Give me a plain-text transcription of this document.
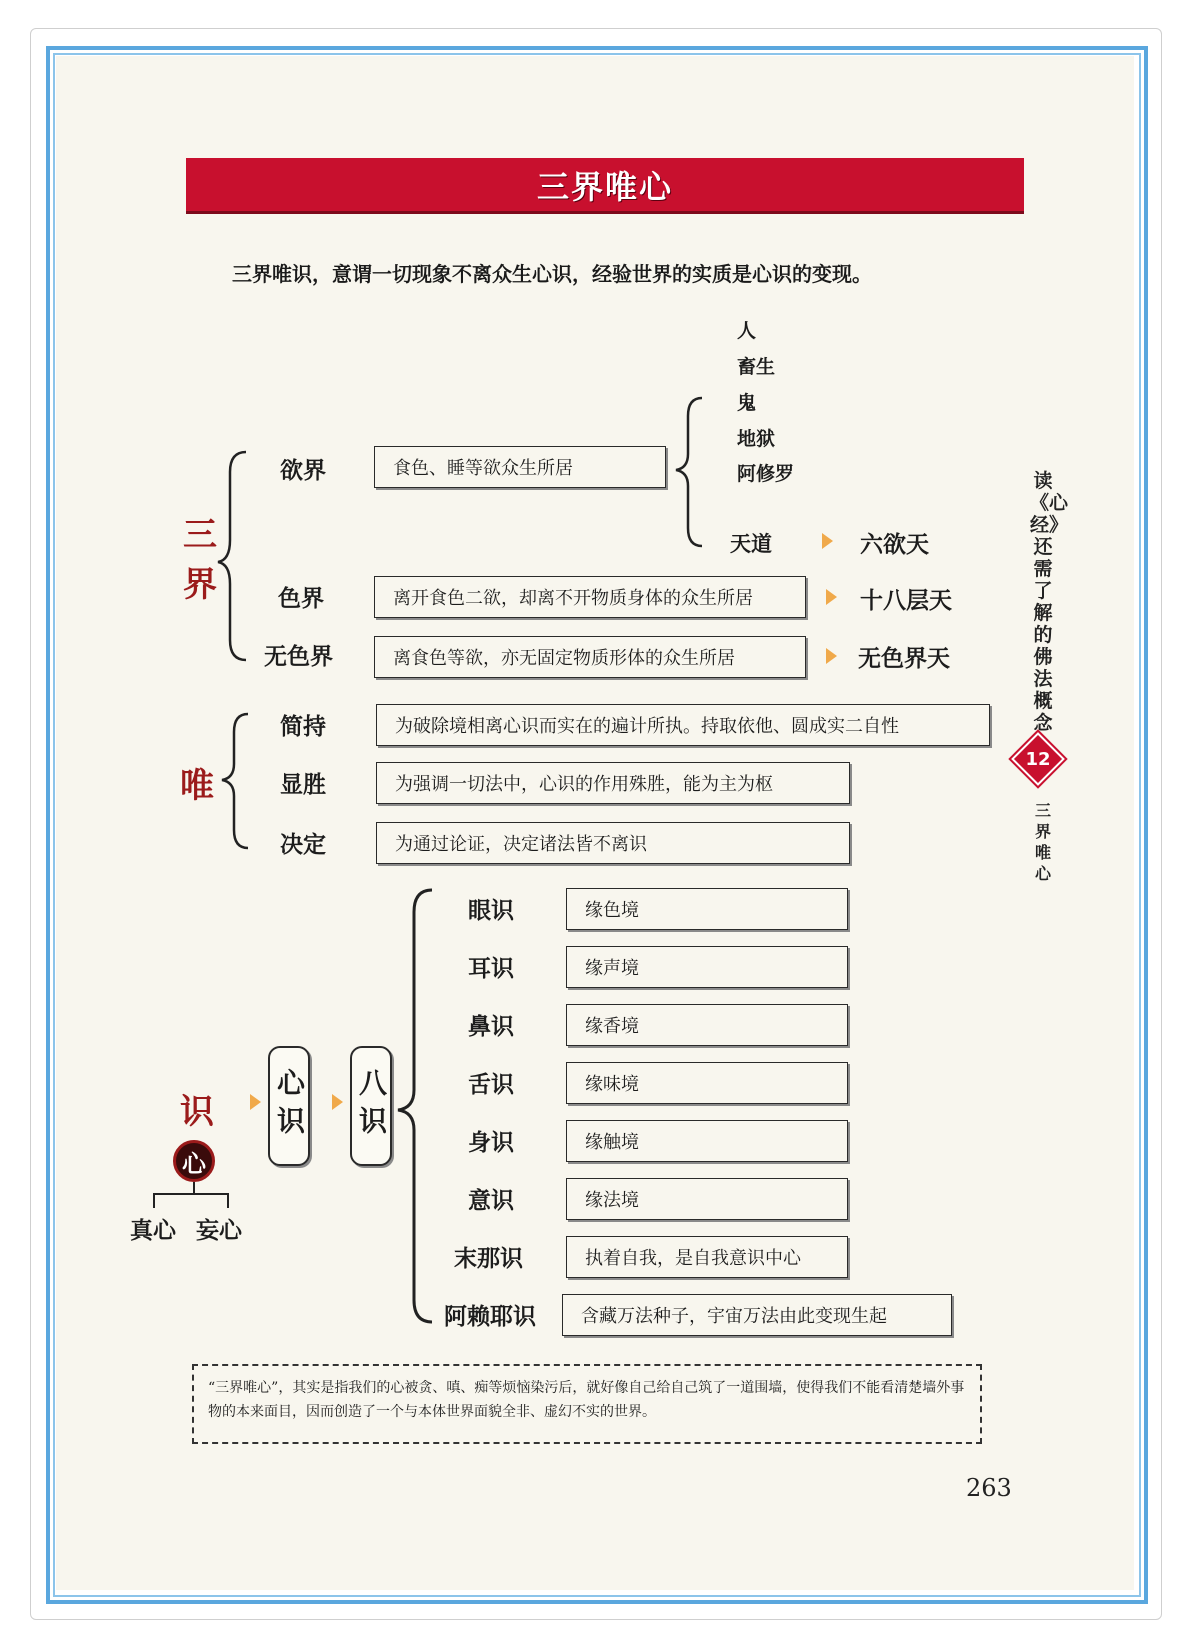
三界唯心
三界唯识，意谓一切现象不离众生心识，经验世界的实质是心识的变现。
三界
欲界	食色、睡等欲众生所居
人
畜生
鬼
地狱
阿修罗
天道	六欲天
色界	离开食色二欲，却离不开物质身体的众生所居	十八层天
无色界	离食色等欲，亦无固定物质形体的众生所居	无色界天
唯
简持	为破除境相离心识而实在的遍计所执。持取依他、圆成实二自性
显胜	为强调一切法中，心识的作用殊胜，能为主为枢
决定	为通过论证，决定诸法皆不离识
识
心
真心 妄心
心识 八识
眼识	缘色境
耳识	缘声境
鼻识	缘香境
舌识	缘味境
身识	缘触境
意识	缘法境
末那识	执着自我，是自我意识中心
阿赖耶识	含藏万法种子，宇宙万法由此变现生起
读《心经》还需了解的佛法概念
12
三界唯心
“三界唯心”，其实是指我们的心被贪、嗔、痴等烦恼染污后，就好像自己给自己筑了一道围墙，使得我们不能看清楚墙外事物的本来面目，因而创造了一个与本体世界面貌全非、虚幻不实的世界。
263
